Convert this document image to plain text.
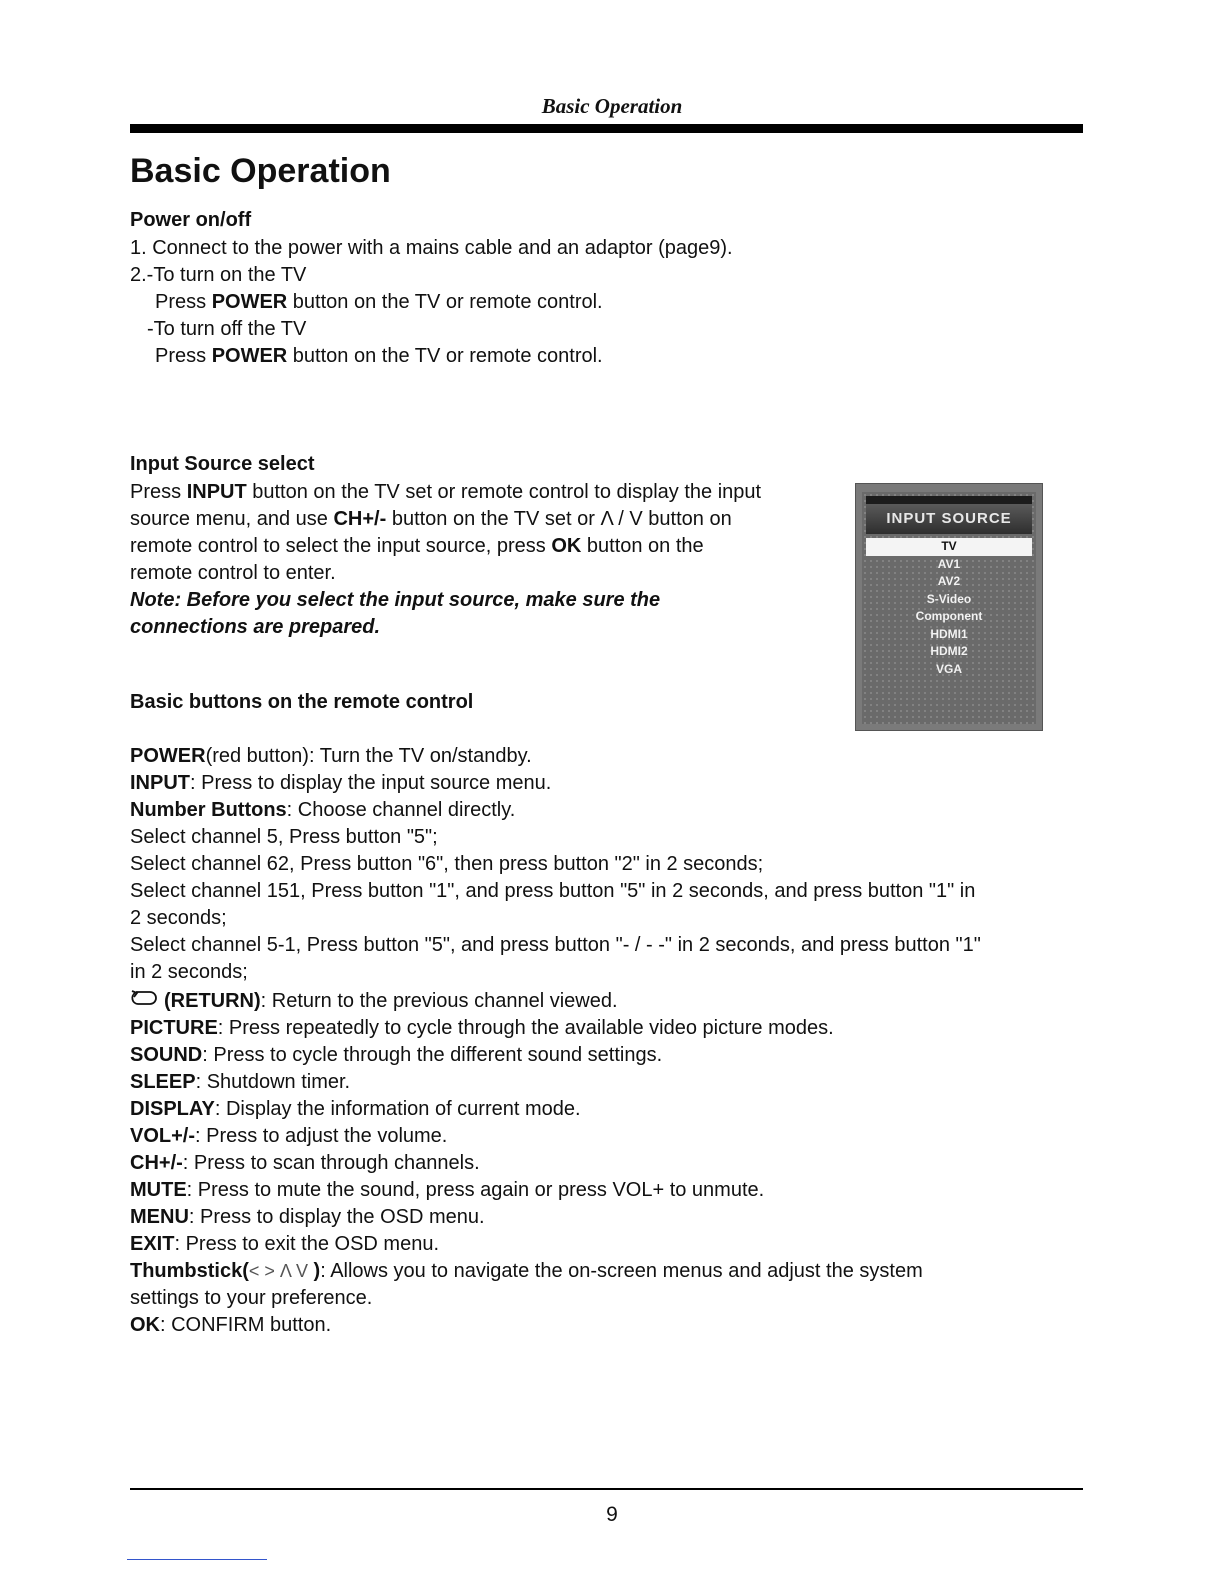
Basic Operation
Basic Operation
Power on/off

1. Connect to the power with a mains cable and an adaptor (page9).

2.-To turn on the TV

Press POWER button on the TV or remote control.

-To turn off the TV

Press POWER button on the TV or remote control.

Input Source select

Press INPUT button on the TV set or remote control to display the input

source menu, and use CH+/- button on the TV set or Λ / V button on

remote control to select the input source, press OK button on the

remote control to enter.

Note: Before you select the input source, make sure the

connections are prepared.

INPUT SOURCE
TV
AV1
AV2
S-Video
Component
HDMI1
HDMI2
VGA
Basic buttons on the remote control

POWER(red button): Turn the TV on/standby.

INPUT: Press to display the input source menu.

Number Buttons: Choose channel directly.

Select channel 5, Press button "5";

Select channel 62, Press button "6", then press button "2" in 2 seconds;

Select channel 151, Press button "1", and press button "5" in 2 seconds, and press button "1" in

2 seconds;

Select channel 5-1, Press button "5", and press button "- / - -" in 2 seconds, and press button "1"

in 2 seconds;

(RETURN): Return to the previous channel viewed.

PICTURE: Press repeatedly to cycle through the available video picture modes.

SOUND: Press to cycle through the different sound settings.

SLEEP: Shutdown timer.

DISPLAY: Display the information of current mode.

VOL+/-: Press to adjust the volume.

CH+/-: Press to scan through channels.

MUTE: Press to mute the sound, press again or press VOL+ to unmute.

MENU: Press to display the OSD menu.

EXIT: Press to exit the OSD menu.

Thumbstick(< > Λ V ): Allows you to navigate the on-screen menus and adjust the system

settings to your preference.

OK: CONFIRM button.

9
